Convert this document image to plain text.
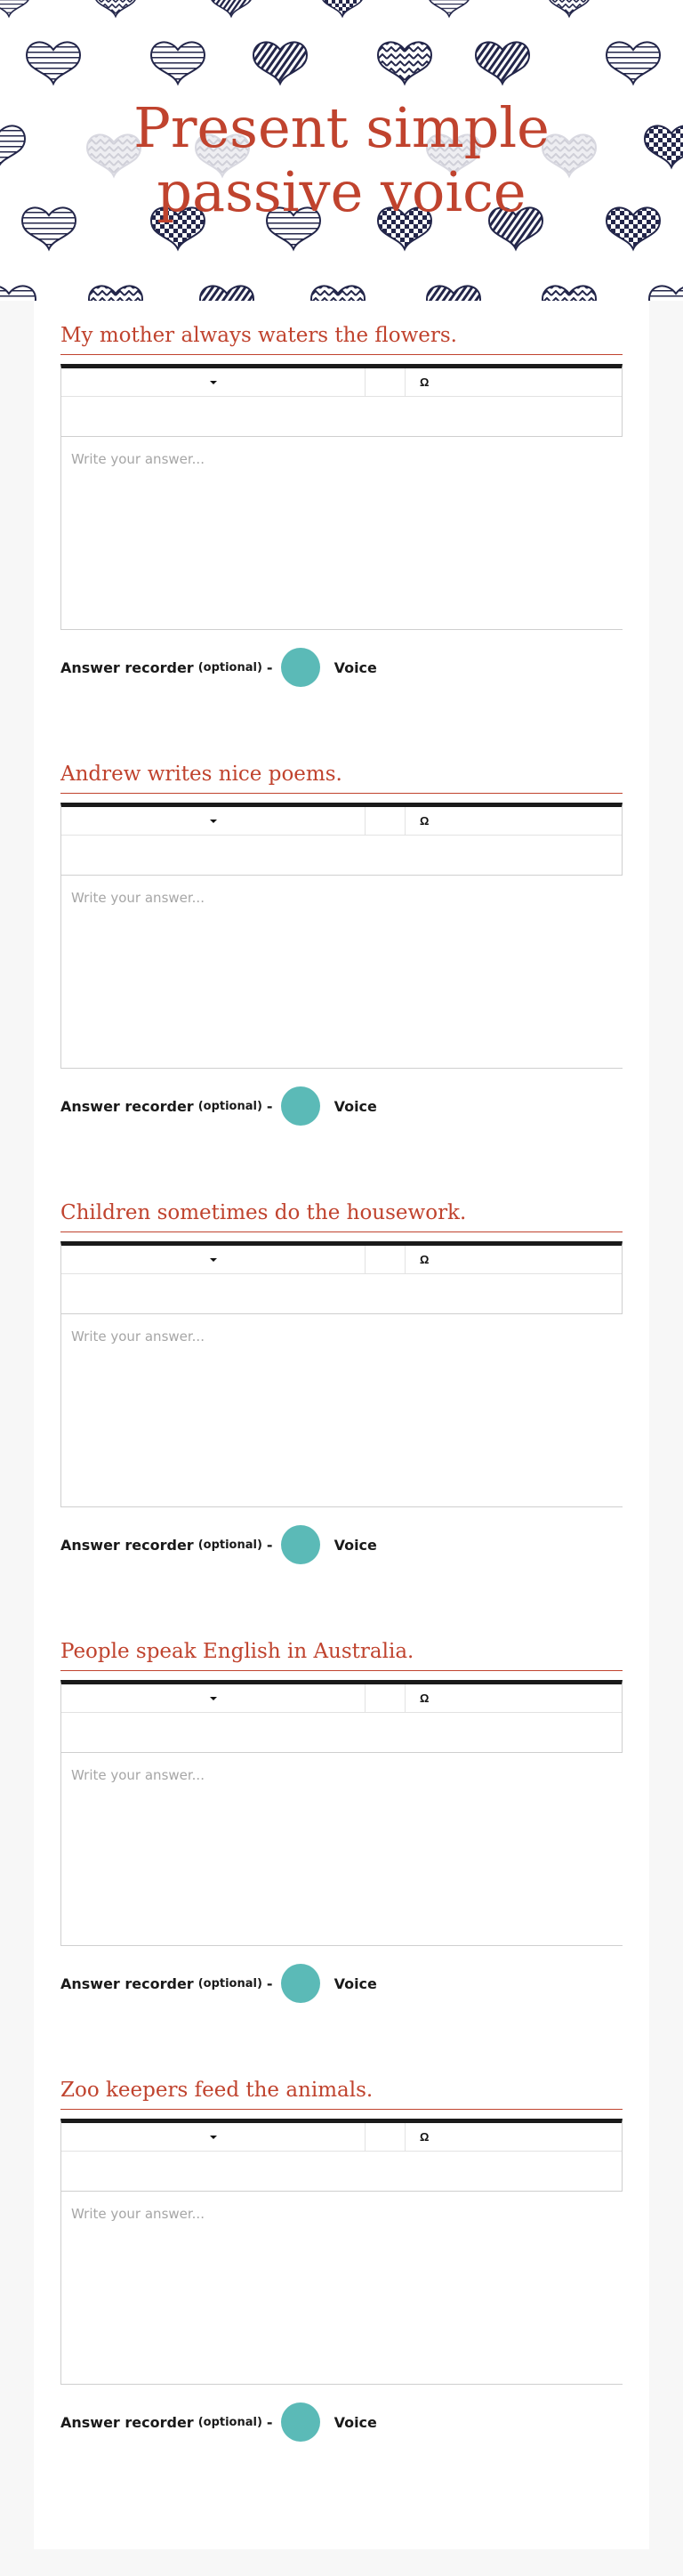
Present simple
passive voice
My mother always waters the flowers.
Ω
Write your answer...
Answer recorder (optional) -	Voice
Andrew writes nice poems.
Ω
Write your answer...
Answer recorder (optional) -	Voice
Children sometimes do the housework.
Ω
Write your answer...
Answer recorder (optional) -	Voice
People speak English in Australia.
Ω
Write your answer...
Answer recorder (optional) -	Voice
Zoo keepers feed the animals.
Ω
Write your answer...
Answer recorder (optional) -	Voice
